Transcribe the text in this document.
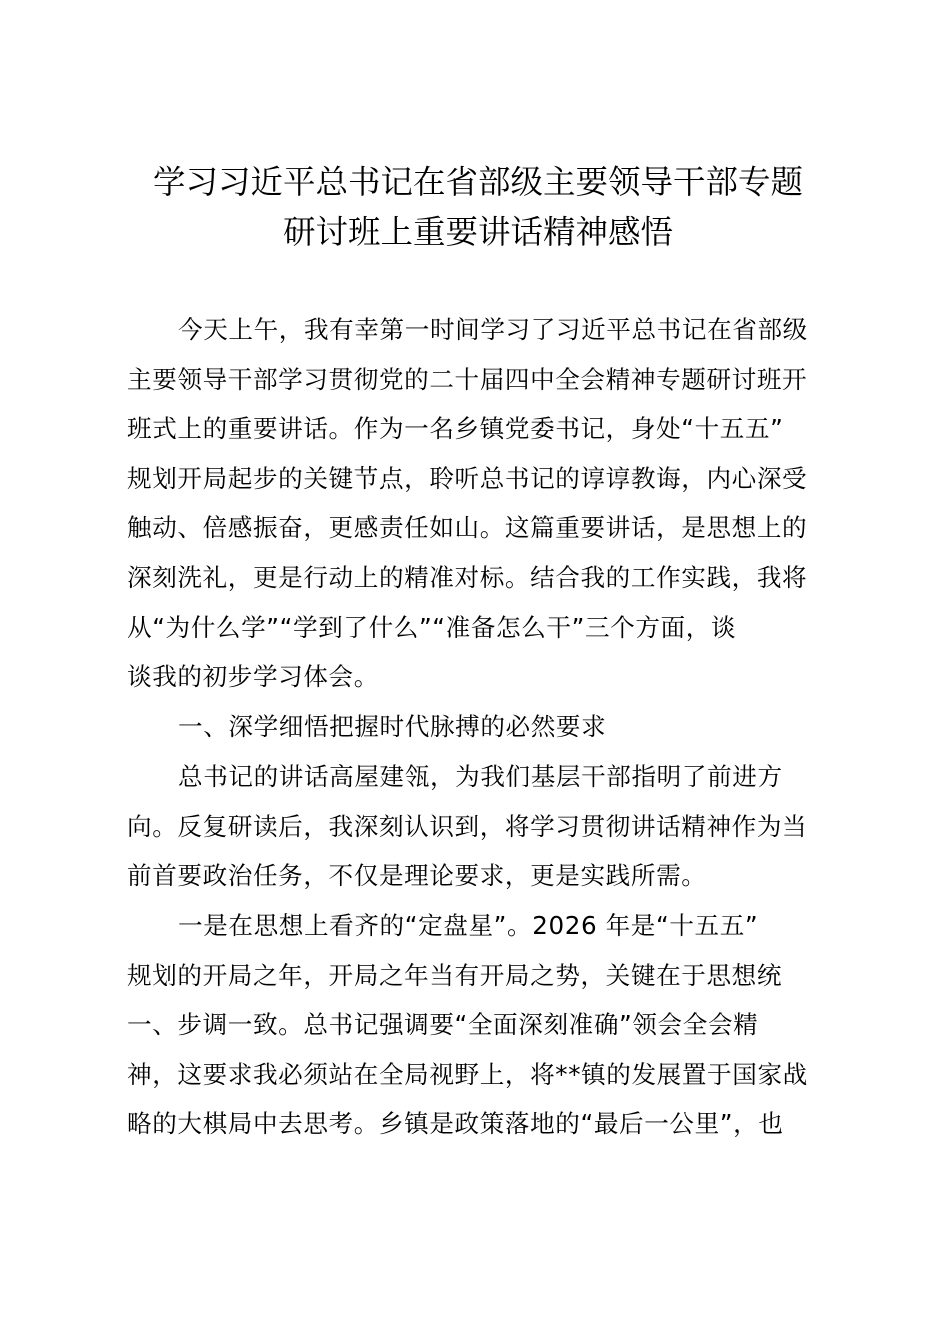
学习习近平总书记在省部级主要领导干部专题
研讨班上重要讲话精神感悟
今天上午，我有幸第一时间学习了习近平总书记在省部级
主要领导干部学习贯彻党的二十届四中全会精神专题研讨班开
班式上的重要讲话。作为一名乡镇党委书记，身处“十五五”
规划开局起步的关键节点，聆听总书记的谆谆教诲，内心深受
触动、倍感振奋，更感责任如山。这篇重要讲话，是思想上的
深刻洗礼，更是行动上的精准对标。结合我的工作实践，我将
从“为什么学”“学到了什么”“准备怎么干”三个方面，谈
谈我的初步学习体会。
一、深学细悟把握时代脉搏的必然要求
总书记的讲话高屋建瓴，为我们基层干部指明了前进方
向。反复研读后，我深刻认识到，将学习贯彻讲话精神作为当
前首要政治任务，不仅是理论要求，更是实践所需。
一是在思想上看齐的“定盘星”。2026 年是“十五五”
规划的开局之年，开局之年当有开局之势，关键在于思想统
一、步调一致。总书记强调要“全面深刻准确”领会全会精
神，这要求我必须站在全局视野上，将**镇的发展置于国家战
略的大棋局中去思考。乡镇是政策落地的“最后一公里”，也
